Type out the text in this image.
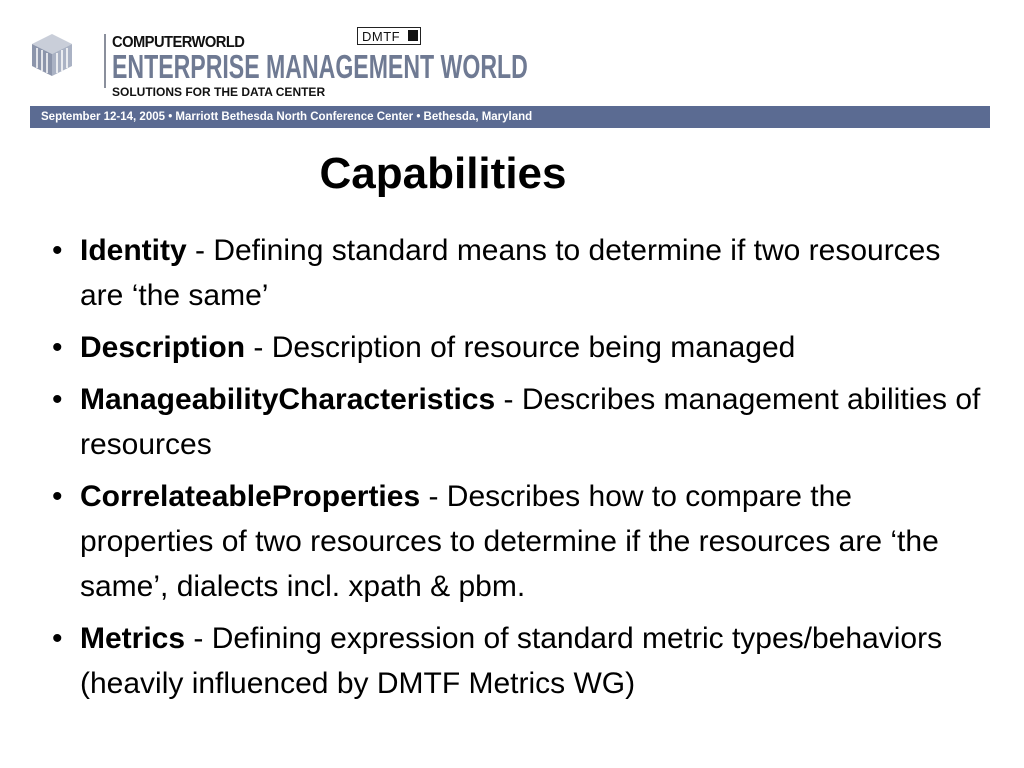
COMPUTERWORLD
ENTERPRISE MANAGEMENT WORLD
SOLUTIONS FOR THE DATA CENTER
DMTF
September 12-14, 2005 • Marriott Bethesda North Conference Center • Bethesda, Maryland
Capabilities
• Identity - Defining standard means to determine if two resources are ‘the same’
• Description - Description of resource being managed
• ManageabilityCharacteristics - Describes management abilities of resources
• CorrelateableProperties - Describes how to compare the properties of two resources to determine if the resources are ‘the same’, dialects incl. xpath & pbm.
• Metrics - Defining expression of standard metric types/behaviors (heavily influenced by DMTF Metrics WG)
